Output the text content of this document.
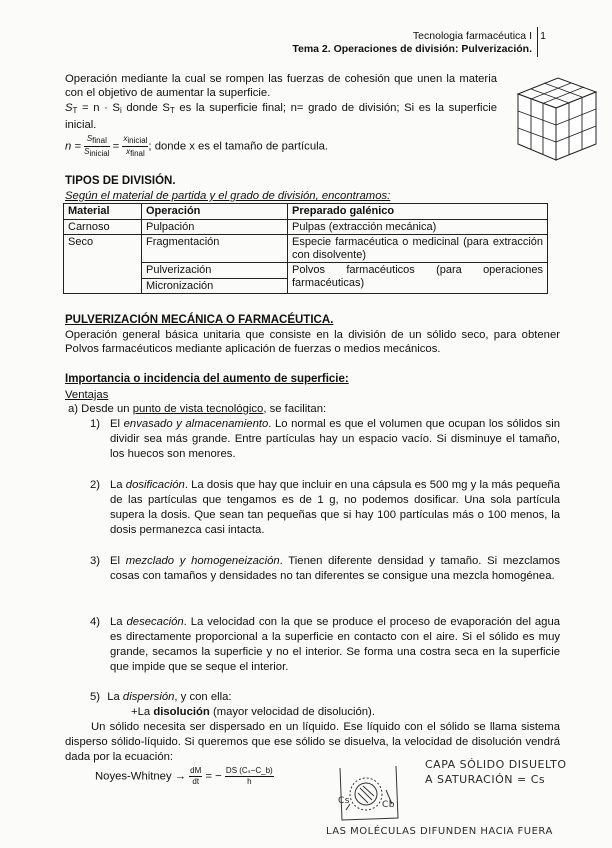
Tecnologia farmacéutica I 1
Tema 2. Operaciones de división: Pulverización.
Operación mediante la cual se rompen las fuerzas de cohesión que unen la materia con el objetivo de aumentar la superficie.
$S_T = n \cdot S_i$ donde $S_T$ es la superficie final; n= grado de división; Si es la superficie inicial.
$n = \frac{\text{Sfinal}}{\text{Sinicial}} = \frac{\text{xinicial}}{\text{xfinal}}$ ; donde x es el tamaño de partícula.
TIPOS DE DIVISIÓN.
Según el material de partida y el grado de división, encontramos:
Material	Operación	Preparado galénico
Carnoso	Pulpación	Pulpas (extracción mecánica)
Seco	Fragmentación	Especie farmacéutica o medicinal (para extracción con disolvente)
	Pulverización	Polvos farmacéuticos (para operaciones farmacéuticas)
	Micronización	
PULVERIZACIÓN MECÁNICA O FARMACÉUTICA.
Operación general básica unitaria que consiste en la división de un sólido seco, para obtener Polvos farmacéuticos mediante aplicación de fuerzas o medios mecánicos.
Importancia o incidencia del aumento de superficie:
Ventajas
a) Desde un punto de vista tecnológico, se facilitan:
1) El envasado y almacenamiento. Lo normal es que el volumen que ocupan los sólidos sin dividir sea más grande. Entre partículas hay un espacio vacío. Si disminuye el tamaño, los huecos son menores.
2) La dosificación. La dosis que hay que incluir en una cápsula es 500 mg y la más pequeña de las partículas que tengamos es de 1 g, no podemos dosificar. Una sola partícula supera la dosis. Que sean tan pequeñas que si hay 100 partículas más o 100 menos, la dosis permanezca casi intacta.
3) El mezclado y homogeneización. Tienen diferente densidad y tamaño. Si mezclamos cosas con tamaños y densidades no tan diferentes se consigue una mezcla homogénea.
4) La desecación. La velocidad con la que se produce el proceso de evaporación del agua es directamente proporcional a la superficie en contacto con el aire. Si el sólido es muy grande, secamos la superficie y no el interior. Se forma una costra seca en la superficie que impide que se seque el interior.
5) La dispersión, y con ella:
+La disolución (mayor velocidad de disolución).
Un sólido necesita ser dispersado en un líquido. Ese líquido con el sólido se llama sistema disperso sólido-líquido. Si queremos que ese sólido se disuelva, la velocidad de disolución vendrá dada por la ecuación:
Noyes-Whitney → $\frac{dM}{dt}$ = − $\frac{\text{DS (Cₛ−C\_b)}}{h}$
Cs	Cb
CAPA SÓLIDO DISUELTO
A SATURACIÓN = Cs
LAS MOLÉCULAS DIFUNDEN HACIA FUERA
